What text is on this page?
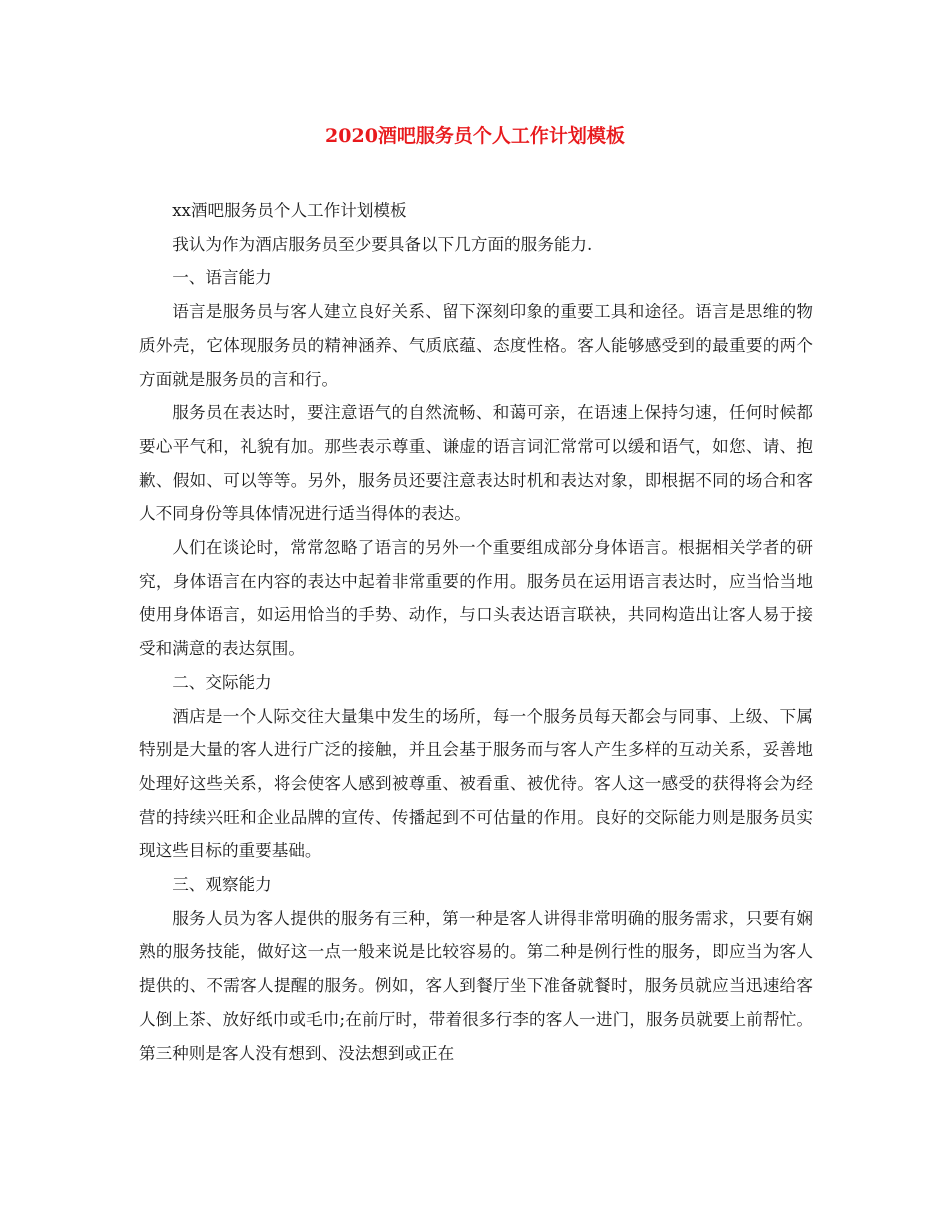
2020酒吧服务员个人工作计划模板

xx酒吧服务员个人工作计划模板

我认为作为酒店服务员至少要具备以下几方面的服务能力.

一、语言能力

语言是服务员与客人建立良好关系、留下深刻印象的重要工具和途径。语言是思维的物质外壳，它体现服务员的精神涵养、气质底蕴、态度性格。客人能够感受到的最重要的两个方面就是服务员的言和行。

服务员在表达时，要注意语气的自然流畅、和蔼可亲，在语速上保持匀速，任何时候都要心平气和，礼貌有加。那些表示尊重、谦虚的语言词汇常常可以缓和语气，如您、请、抱歉、假如、可以等等。另外，服务员还要注意表达时机和表达对象，即根据不同的场合和客人不同身份等具体情况进行适当得体的表达。

人们在谈论时，常常忽略了语言的另外一个重要组成部分身体语言。根据相关学者的研究，身体语言在内容的表达中起着非常重要的作用。服务员在运用语言表达时，应当恰当地使用身体语言，如运用恰当的手势、动作，与口头表达语言联袂，共同构造出让客人易于接受和满意的表达氛围。

二、交际能力

酒店是一个人际交往大量集中发生的场所，每一个服务员每天都会与同事、上级、下属特别是大量的客人进行广泛的接触，并且会基于服务而与客人产生多样的互动关系，妥善地处理好这些关系，将会使客人感到被尊重、被看重、被优待。客人这一感受的获得将会为经营的持续兴旺和企业品牌的宣传、传播起到不可估量的作用。良好的交际能力则是服务员实现这些目标的重要基础。

三、观察能力

服务人员为客人提供的服务有三种，第一种是客人讲得非常明确的服务需求，只要有娴熟的服务技能，做好这一点一般来说是比较容易的。第二种是例行性的服务，即应当为客人提供的、不需客人提醒的服务。例如，客人到餐厅坐下准备就餐时，服务员就应当迅速给客人倒上茶、放好纸巾或毛巾;在前厅时，带着很多行李的客人一进门，服务员就要上前帮忙。第三种则是客人没有想到、没法想到或正在
